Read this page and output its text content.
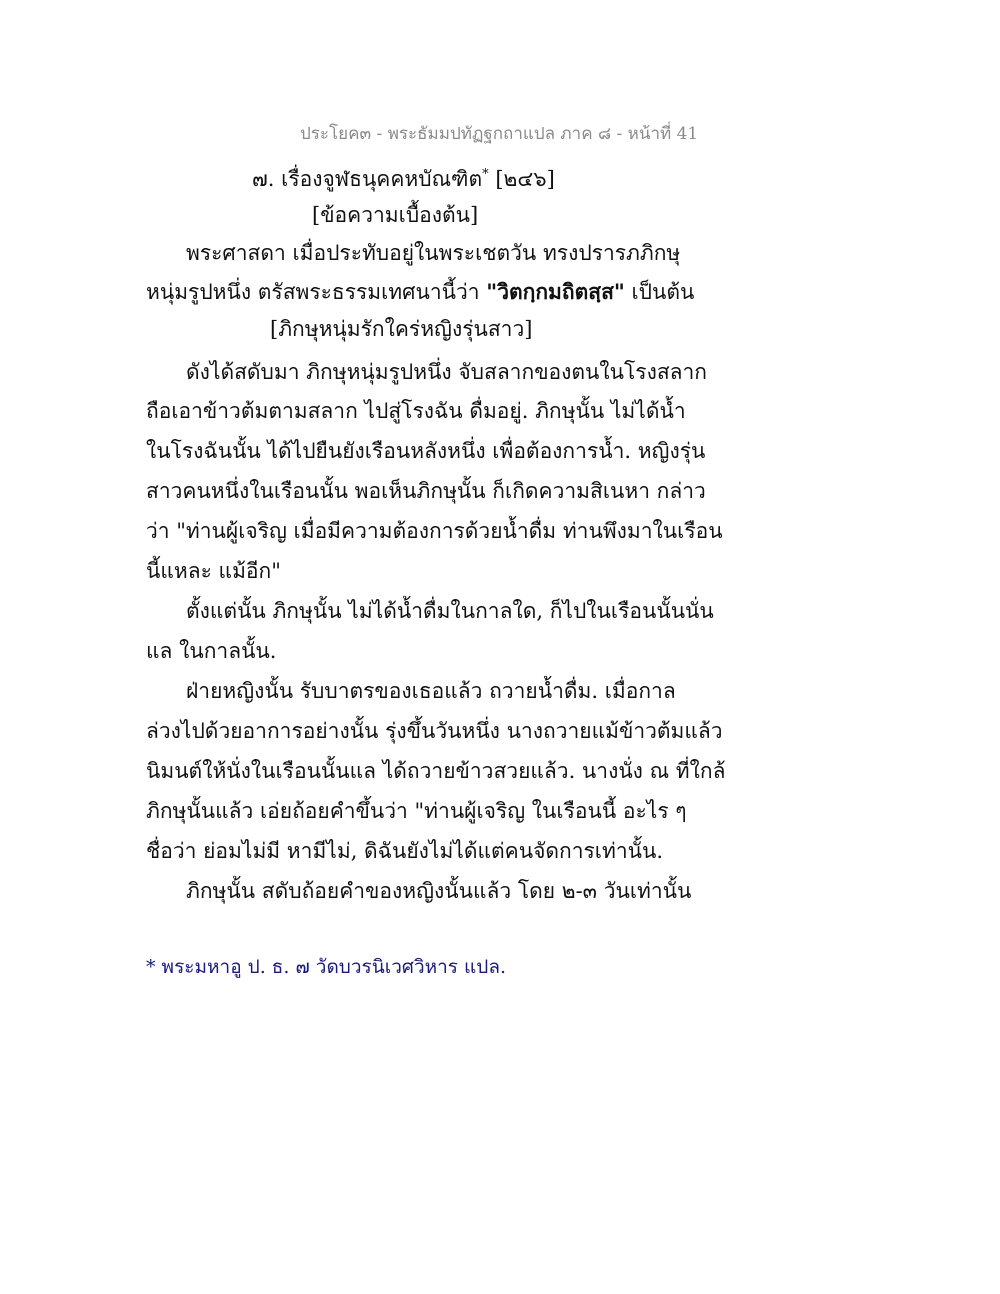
ประโยค๓ - พระธัมมปทัฏฐกถาแปล ภาค ๘ - หน้าที่ 41
๗. เรื่องจูฬธนุคคหบัณฑิต* [๒๔๖]
[ข้อความเบื้องต้น]
พระศาสดา เมื่อประทับอยู่ในพระเชตวัน ทรงปรารภภิกษุ
หนุ่มรูปหนึ่ง ตรัสพระธรรมเทศนานี้ว่า "วิตกฺกมถิตสฺส" เป็นต้น
[ภิกษุหนุ่มรักใคร่หญิงรุ่นสาว]
ดังได้สดับมา ภิกษุหนุ่มรูปหนึ่ง จับสลากของตนในโรงสลาก
ถือเอาข้าวต้มตามสลาก ไปสู่โรงฉัน ดื่มอยู่. ภิกษุนั้น ไม่ได้น้ำ
ในโรงฉันนั้น ได้ไปยืนยังเรือนหลังหนึ่ง เพื่อต้องการน้ำ. หญิงรุ่น
สาวคนหนึ่งในเรือนนั้น พอเห็นภิกษุนั้น ก็เกิดความสิเนหา กล่าว
ว่า "ท่านผู้เจริญ เมื่อมีความต้องการด้วยน้ำดื่ม ท่านพึงมาในเรือน
นี้แหละ แม้อีก"
ตั้งแต่นั้น ภิกษุนั้น ไม่ได้น้ำดื่มในกาลใด, ก็ไปในเรือนนั้นนั่น
แล ในกาลนั้น.
ฝ่ายหญิงนั้น รับบาตรของเธอแล้ว ถวายน้ำดื่ม. เมื่อกาล
ล่วงไปด้วยอาการอย่างนั้น รุ่งขึ้นวันหนึ่ง นางถวายแม้ข้าวต้มแล้ว
นิมนต์ให้นั่งในเรือนนั้นแล ได้ถวายข้าวสวยแล้ว. นางนั่ง ณ ที่ใกล้
ภิกษุนั้นแล้ว เอ่ยถ้อยคำขึ้นว่า "ท่านผู้เจริญ ในเรือนนี้ อะไร ๆ
ชื่อว่า ย่อมไม่มี หามีไม่, ดิฉันยังไม่ได้แต่คนจัดการเท่านั้น.
ภิกษุนั้น สดับถ้อยคำของหญิงนั้นแล้ว โดย ๒-๓ วันเท่านั้น
* พระมหาอู ป. ธ. ๗ วัดบวรนิเวศวิหาร แปล.
